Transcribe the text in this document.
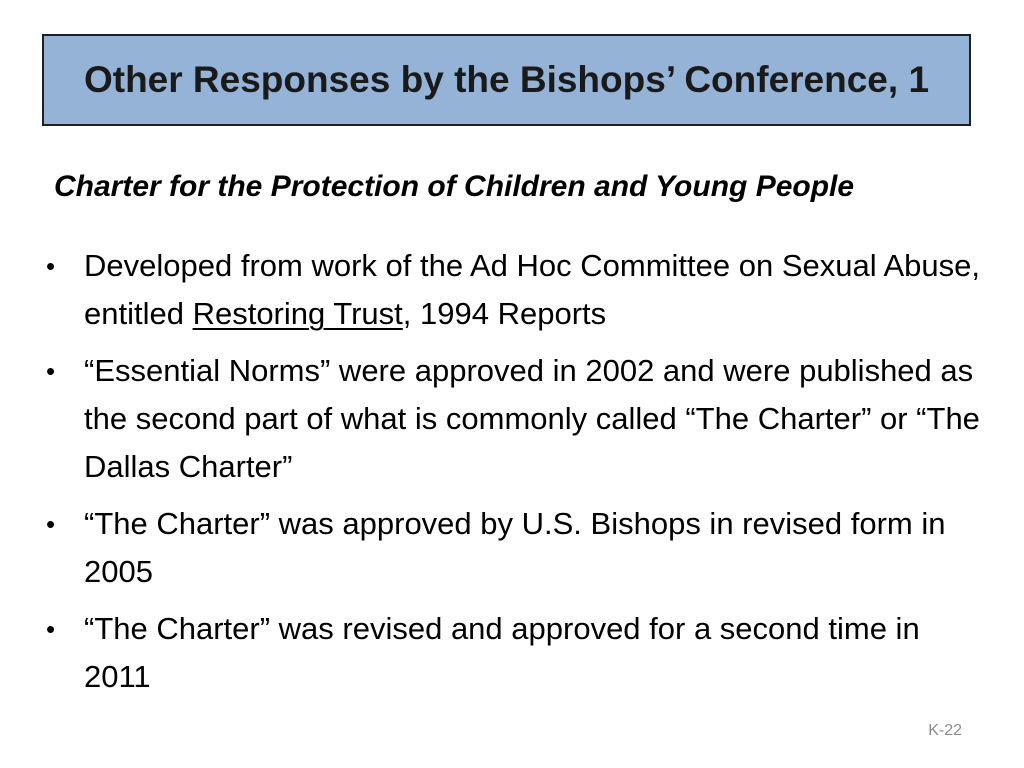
Other Responses by the Bishops’ Conference, 1
Charter for the Protection of Children and Young People
• Developed from work of the Ad Hoc Committee on Sexual Abuse, entitled Restoring Trust, 1994 Reports
• “Essential Norms” were approved in 2002 and were published as the second part of what is commonly called “The Charter” or “The Dallas Charter”
• “The Charter” was approved by U.S. Bishops in revised form in 2005
• “The Charter” was revised and approved for a second time in 2011
K-22
